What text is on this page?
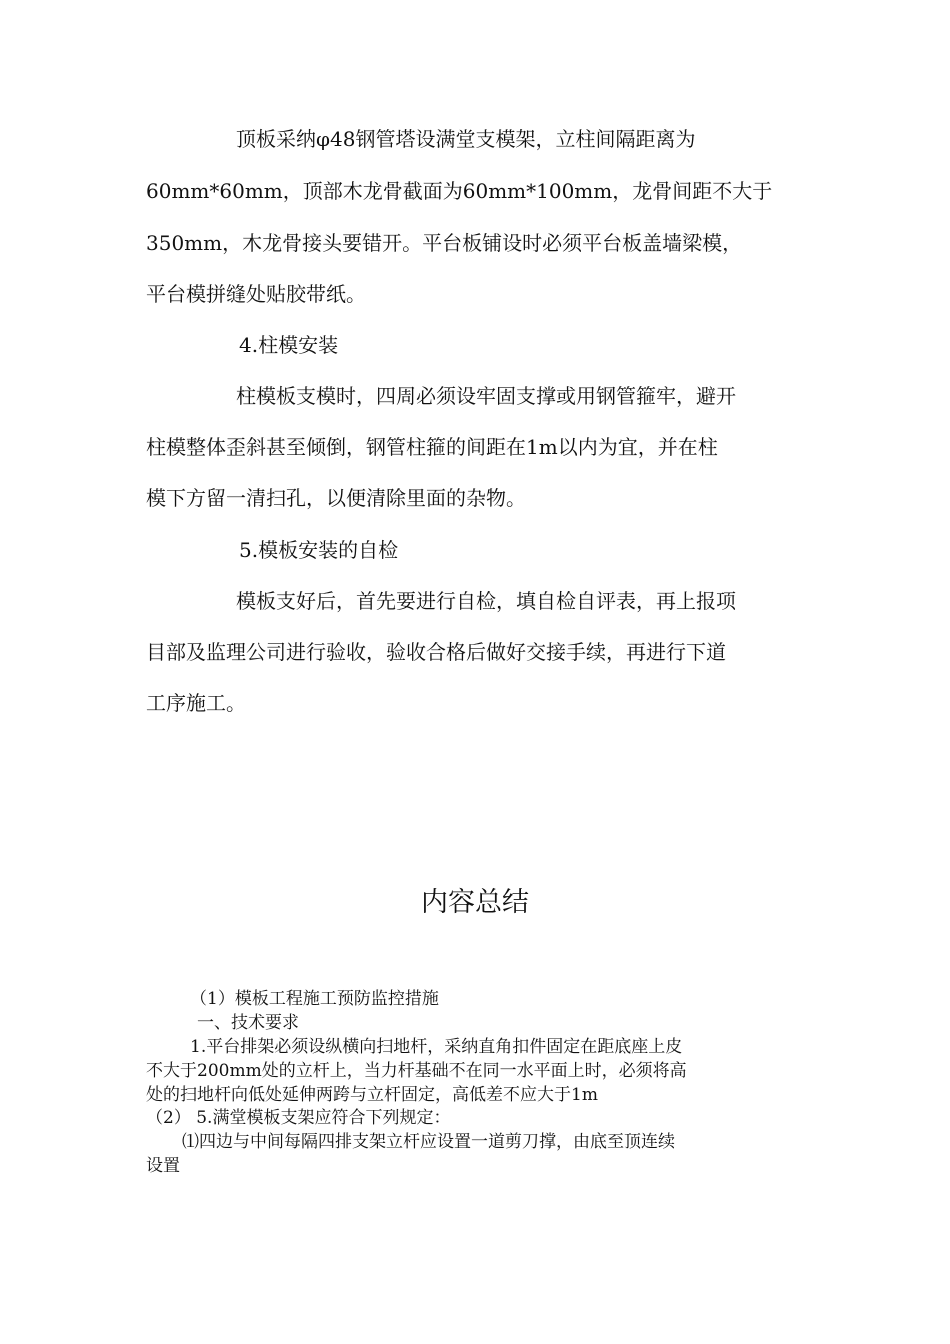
顶板采纳φ48钢管塔设满堂支模架，立柱间隔距离为
60mm*60mm，顶部木龙骨截面为60mm*100mm，龙骨间距不大于
350mm，木龙骨接头要错开。平台板铺设时必须平台板盖墙梁模，
平台模拼缝处贴胶带纸。
4.柱模安装
柱模板支模时，四周必须设牢固支撑或用钢管箍牢，避开
柱模整体歪斜甚至倾倒，钢管柱箍的间距在1m以内为宜，并在柱
模下方留一清扫孔，以便清除里面的杂物。
5.模板安装的自检
模板支好后，首先要进行自检，填自检自评表，再上报项
目部及监理公司进行验收，验收合格后做好交接手续，再进行下道
工序施工。
内容总结
（1）模板工程施工预防监控措施
一、技术要求
1.平台排架必须设纵横向扫地杆，采纳直角扣件固定在距底座上皮
不大于200mm处的立杆上，当力杆基础不在同一水平面上时，必须将高
处的扫地杆向低处延伸两跨与立杆固定，高低差不应大于1m
（2） 5.满堂模板支架应符合下列规定：
⑴四边与中间每隔四排支架立杆应设置一道剪刀撑，由底至顶连续
设置
